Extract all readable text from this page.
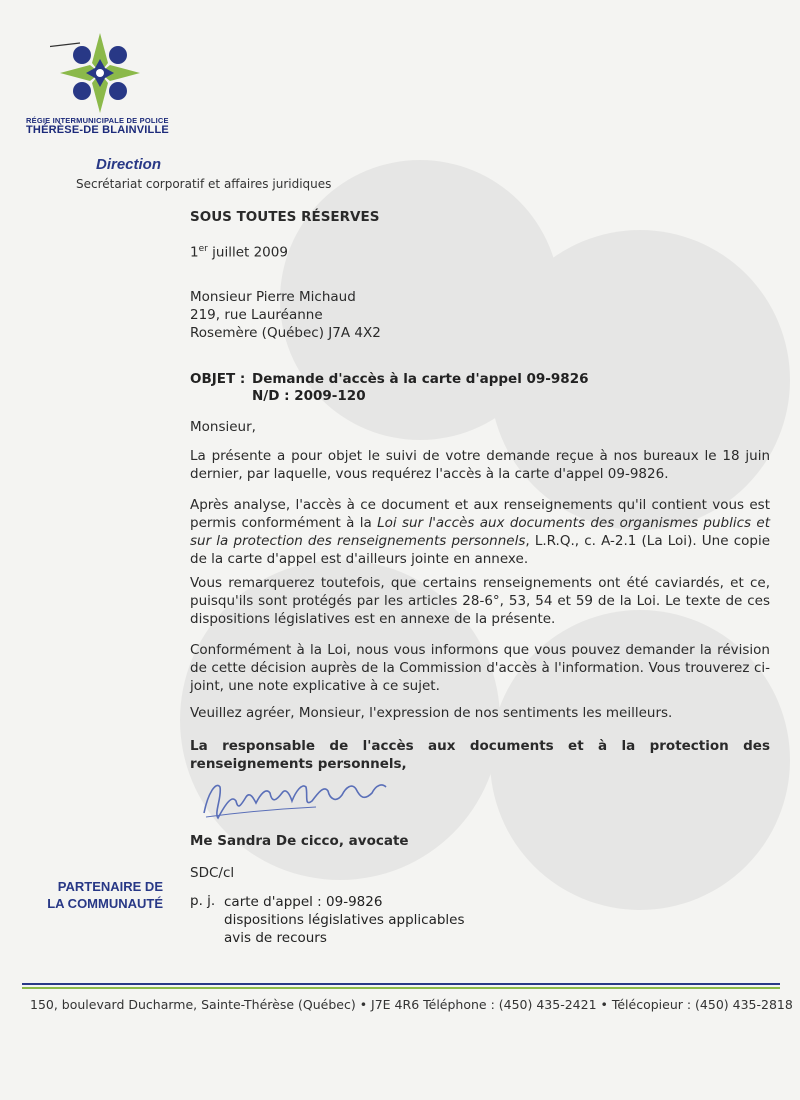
RÉGIE INTERMUNICIPALE DE POLICE
THÉRÈSE-DE BLAINVILLE
Direction
Secrétariat corporatif et affaires juridiques
SOUS TOUTES RÉSERVES
1er juillet 2009
Monsieur Pierre Michaud
219, rue Lauréanne
Rosemère (Québec) J7A 4X2
OBJET : Demande d'accès à la carte d'appel 09-9826
N/D : 2009-120
Monsieur,
La présente a pour objet le suivi de votre demande reçue à nos bureaux le 18 juin dernier, par laquelle, vous requérez l'accès à la carte d'appel 09-9826.
Après analyse, l'accès à ce document et aux renseignements qu'il contient vous est permis conformément à la Loi sur l'accès aux documents des organismes publics et sur la protection des renseignements personnels, L.R.Q., c. A-2.1 (La Loi). Une copie de la carte d'appel est d'ailleurs jointe en annexe.
Vous remarquerez toutefois, que certains renseignements ont été caviardés, et ce, puisqu'ils sont protégés par les articles 28-6°, 53, 54 et 59 de la Loi. Le texte de ces dispositions législatives est en annexe de la présente.
Conformément à la Loi, nous vous informons que vous pouvez demander la révision de cette décision auprès de la Commission d'accès à l'information. Vous trouverez ci-joint, une note explicative à ce sujet.
Veuillez agréer, Monsieur, l'expression de nos sentiments les meilleurs.
La responsable de l'accès aux documents et à la protection des renseignements personnels,
Me Sandra De cicco, avocate
SDC/cl
PARTENAIRE DE
LA COMMUNAUTÉ p. j. carte d'appel : 09-9826
dispositions législatives applicables
avis de recours
150, boulevard Ducharme, Sainte-Thérèse (Québec) • J7E 4R6 Téléphone : (450) 435-2421 • Télécopieur : (450) 435-2818
